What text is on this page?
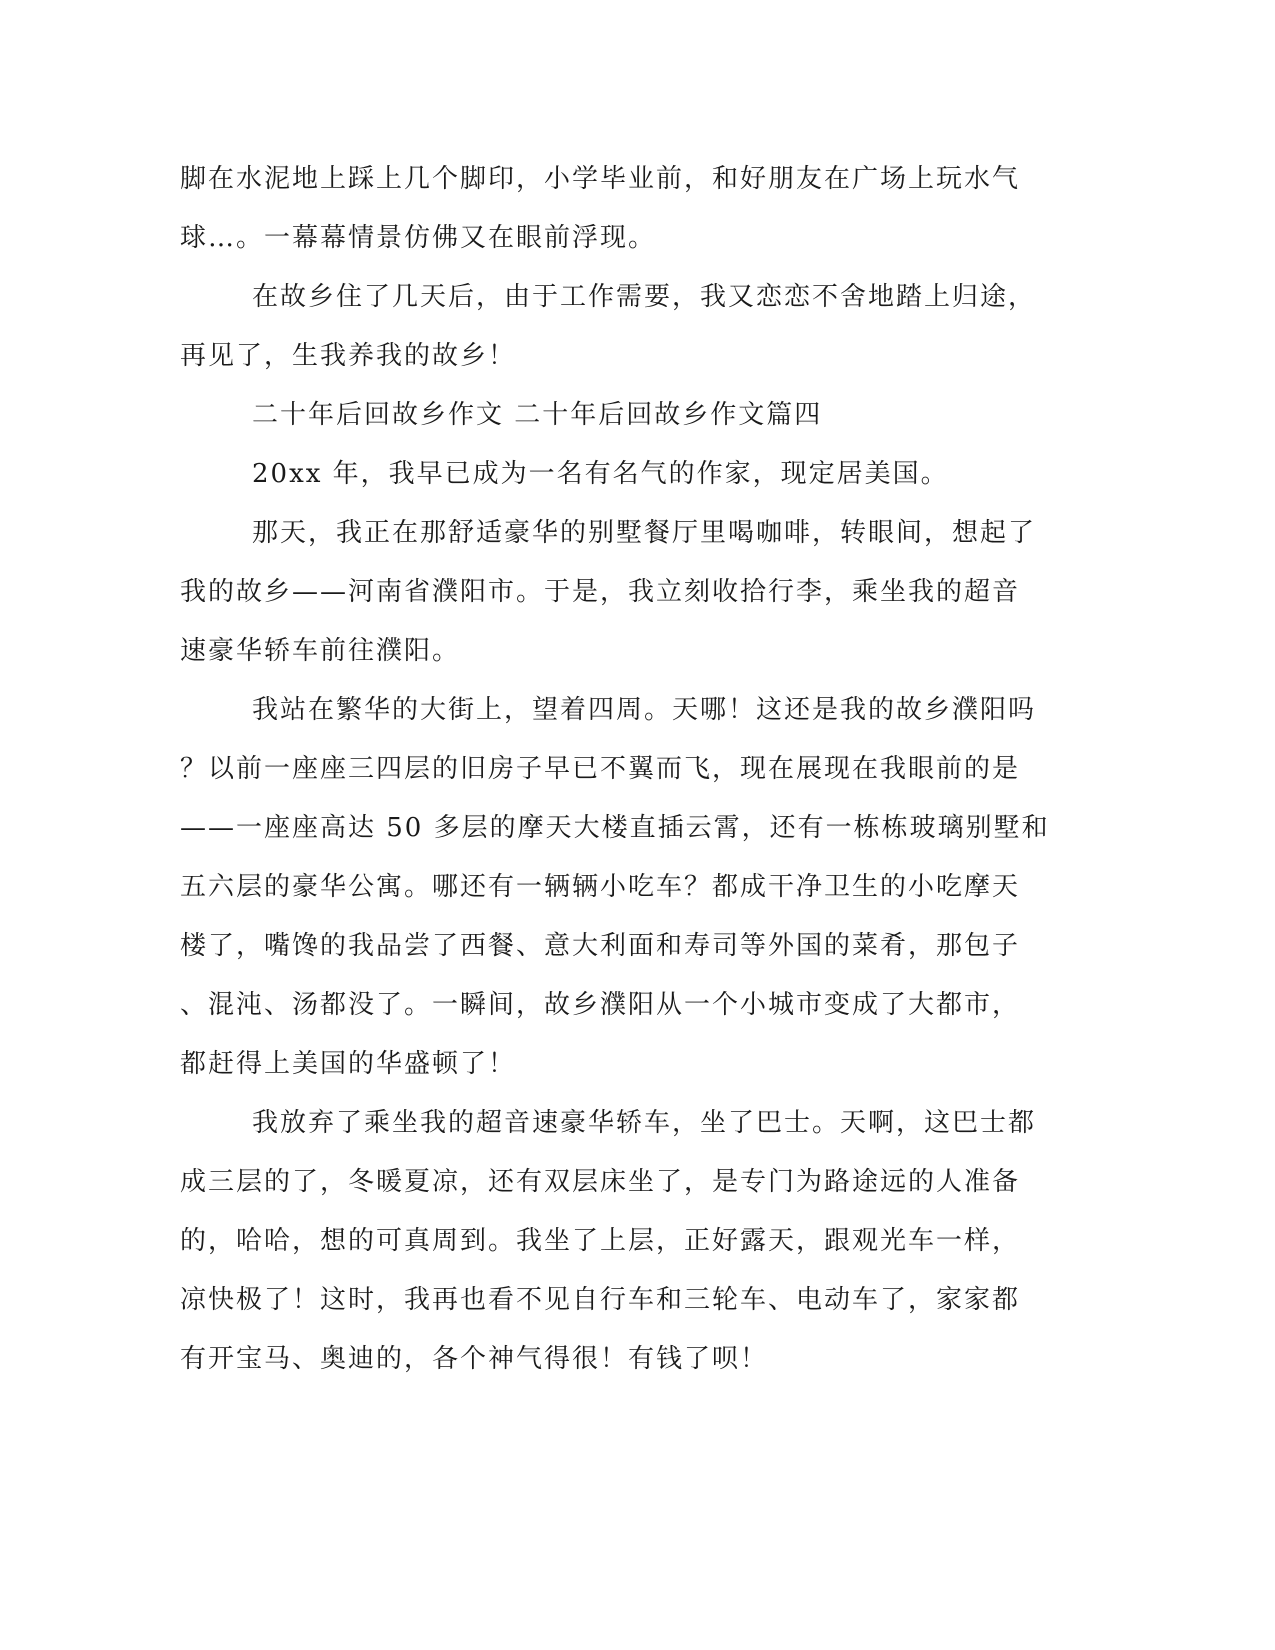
脚在水泥地上踩上几个脚印，小学毕业前，和好朋友在广场上玩水气
球…。一幕幕情景仿佛又在眼前浮现。
在故乡住了几天后，由于工作需要，我又恋恋不舍地踏上归途，
再见了，生我养我的故乡！
二十年后回故乡作文 二十年后回故乡作文篇四
20xx 年，我早已成为一名有名气的作家，现定居美国。
那天，我正在那舒适豪华的别墅餐厅里喝咖啡，转眼间，想起了
我的故乡——河南省濮阳市。于是，我立刻收拾行李，乘坐我的超音
速豪华轿车前往濮阳。
我站在繁华的大街上，望着四周。天哪！这还是我的故乡濮阳吗
？以前一座座三四层的旧房子早已不翼而飞，现在展现在我眼前的是
——一座座高达 50 多层的摩天大楼直插云霄，还有一栋栋玻璃别墅和
五六层的豪华公寓。哪还有一辆辆小吃车？都成干净卫生的小吃摩天
楼了，嘴馋的我品尝了西餐、意大利面和寿司等外国的菜肴，那包子
、混沌、汤都没了。一瞬间，故乡濮阳从一个小城市变成了大都市，
都赶得上美国的华盛顿了！
我放弃了乘坐我的超音速豪华轿车，坐了巴士。天啊，这巴士都
成三层的了，冬暖夏凉，还有双层床坐了，是专门为路途远的人准备
的，哈哈，想的可真周到。我坐了上层，正好露天，跟观光车一样，
凉快极了！这时，我再也看不见自行车和三轮车、电动车了，家家都
有开宝马、奥迪的，各个神气得很！有钱了呗！
